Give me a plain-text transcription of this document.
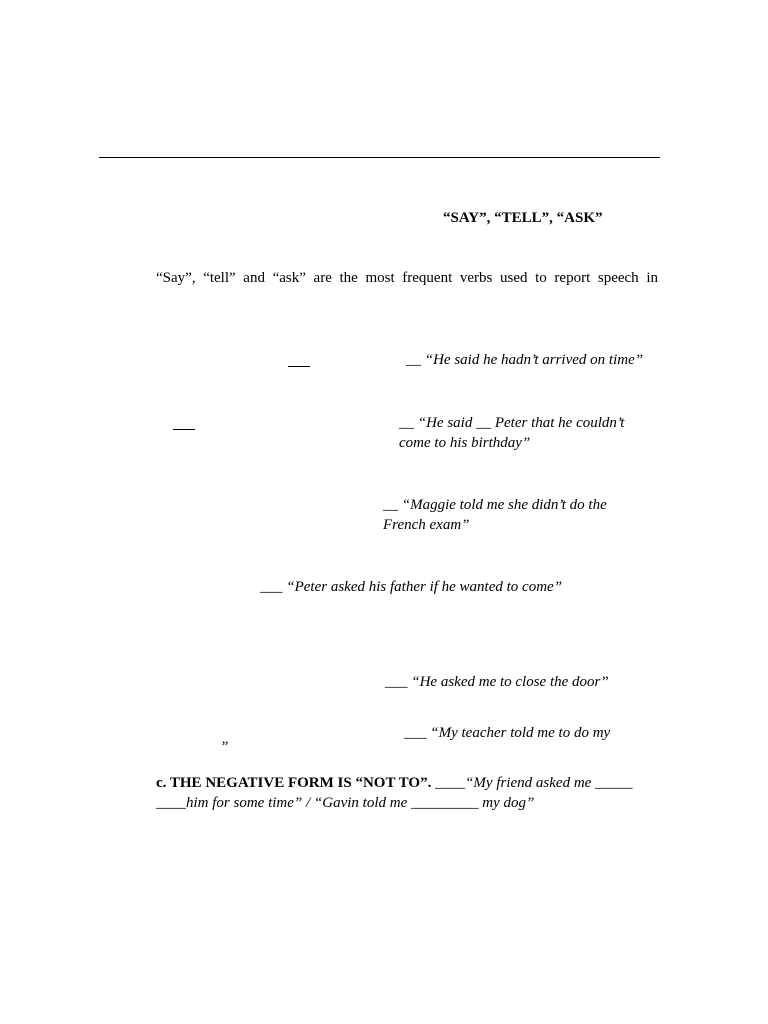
“SAY”, “TELL”, “ASK”
“Say”, “tell” and “ask” are the most frequent verbs used to report speech in
__ “He said he hadn’t arrived on time”
__ “He said __ Peter that he couldn’t
come to his birthday”
__ “Maggie told me she didn’t do the
French exam”
___ “Peter asked his father if he wanted to come”
___ “He asked me to close the door”
___ “My teacher told me to do my
”
c. THE NEGATIVE FORM IS “NOT TO”. ____“My friend asked me _____
____him for some time” / “Gavin told me _________ my dog”
